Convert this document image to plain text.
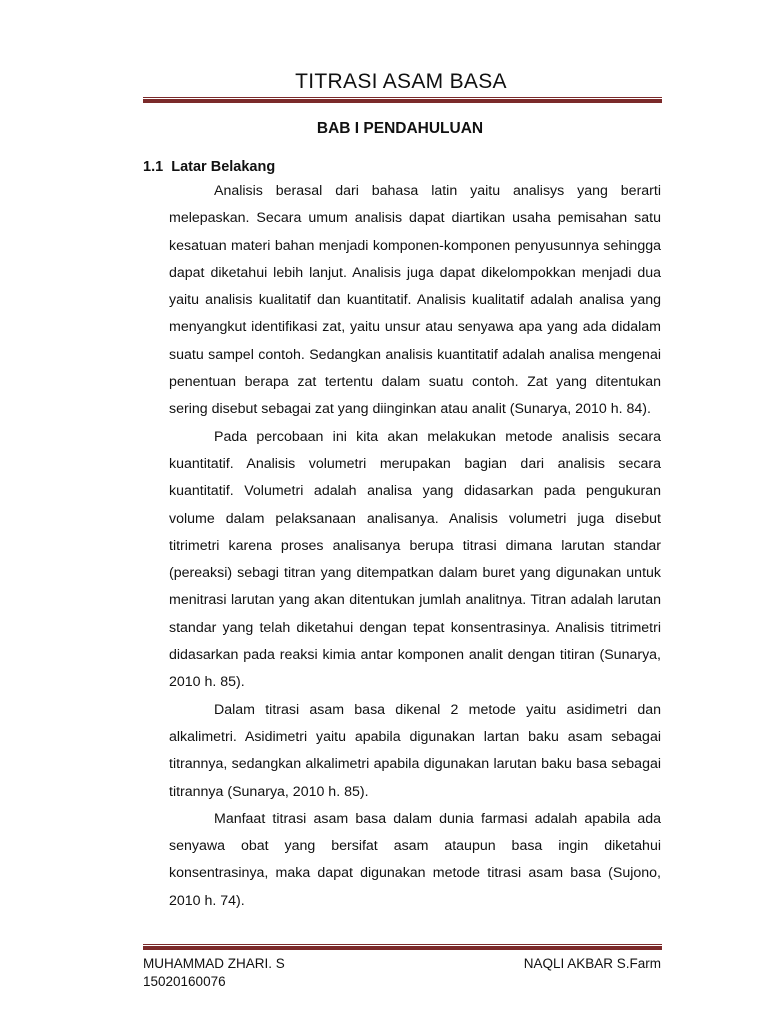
TITRASI ASAM BASA
BAB I PENDAHULUAN
1.1 Latar Belakang

Analisis berasal dari bahasa latin yaitu analisys yang berarti melepaskan. Secara umum analisis dapat diartikan usaha pemisahan satu kesatuan materi bahan menjadi komponen-komponen penyusunnya sehingga dapat diketahui lebih lanjut. Analisis juga dapat dikelompokkan menjadi dua yaitu analisis kualitatif dan kuantitatif. Analisis kualitatif adalah analisa yang menyangkut identifikasi zat, yaitu unsur atau senyawa apa yang ada didalam suatu sampel contoh. Sedangkan analisis kuantitatif adalah analisa mengenai penentuan berapa zat tertentu dalam suatu contoh. Zat yang ditentukan sering disebut sebagai zat yang diinginkan atau analit (Sunarya, 2010 h. 84).

Pada percobaan ini kita akan melakukan metode analisis secara kuantitatif. Analisis volumetri merupakan bagian dari analisis secara kuantitatif. Volumetri adalah analisa yang didasarkan pada pengukuran volume dalam pelaksanaan analisanya. Analisis volumetri juga disebut titrimetri karena proses analisanya berupa titrasi dimana larutan standar (pereaksi) sebagi titran yang ditempatkan dalam buret yang digunakan untuk menitrasi larutan yang akan ditentukan jumlah analitnya. Titran adalah larutan standar yang telah diketahui dengan tepat konsentrasinya. Analisis titrimetri didasarkan pada reaksi kimia antar komponen analit dengan titiran (Sunarya, 2010 h. 85).

Dalam titrasi asam basa dikenal 2 metode yaitu asidimetri dan alkalimetri. Asidimetri yaitu apabila digunakan lartan baku asam sebagai titrannya, sedangkan alkalimetri apabila digunakan larutan baku basa sebagai titrannya (Sunarya, 2010 h. 85).

Manfaat titrasi asam basa dalam dunia farmasi adalah apabila ada senyawa obat yang bersifat asam ataupun basa ingin diketahui konsentrasinya, maka dapat digunakan metode titrasi asam basa (Sujono, 2010 h. 74).

MUHAMMAD ZHARI. S
15020160076
NAQLI AKBAR S.Farm
